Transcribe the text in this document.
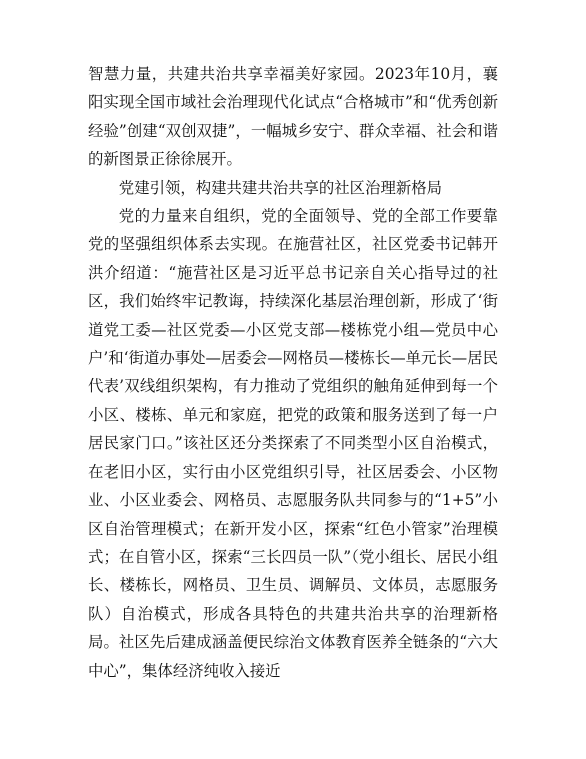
智慧力量，共建共治共享幸福美好家园。2023年10月，襄阳实现全国市域社会治理现代化试点“合格城市”和“优秀创新经验”创建“双创双捷”，一幅城乡安宁、群众幸福、社会和谐的新图景正徐徐展开。

党建引领，构建共建共治共享的社区治理新格局

党的力量来自组织，党的全面领导、党的全部工作要靠党的坚强组织体系去实现。在施营社区，社区党委书记韩开洪介绍道：“施营社区是习近平总书记亲自关心指导过的社区，我们始终牢记教诲，持续深化基层治理创新，形成了‘街道党工委—社区党委—小区党支部—楼栋党小组—党员中心户’和‘街道办事处—居委会—网格员—楼栋长—单元长—居民代表’双线组织架构，有力推动了党组织的触角延伸到每一个小区、楼栋、单元和家庭，把党的政策和服务送到了每一户居民家门口。”该社区还分类探索了不同类型小区自治模式，在老旧小区，实行由小区党组织引导，社区居委会、小区物业、小区业委会、网格员、志愿服务队共同参与的“1+5”小区自治管理模式；在新开发小区，探索“红色小管家”治理模式；在自管小区，探索“三长四员一队”（党小组长、居民小组长、楼栋长，网格员、卫生员、调解员、文体员，志愿服务队）自治模式，形成各具特色的共建共治共享的治理新格局。社区先后建成涵盖便民综治文体教育医养全链条的“六大中心”，集体经济纯收入接近
